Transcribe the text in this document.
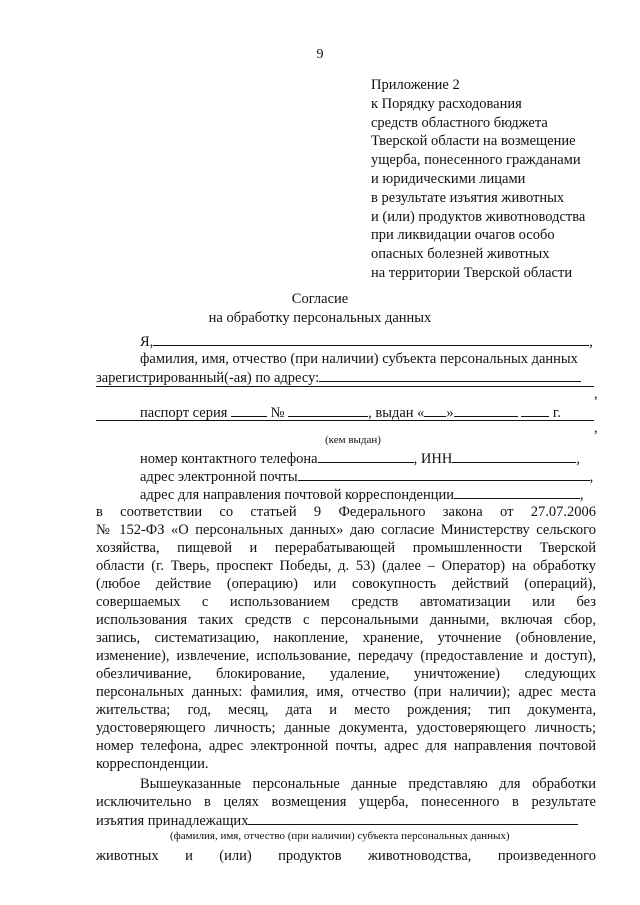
9
Приложение 2
к Порядку расходования
средств областного бюджета
Тверской области на возмещение
ущерба, понесенного гражданами
и юридическими лицами
в результате изъятия животных
и (или) продуктов животноводства
при ликвидации очагов особо
опасных болезней животных
на территории Тверской области
Согласие
на обработку персональных данных
Я,	,
фамилия, имя, отчество (при наличии) субъекта персональных данных
зарегистрированный(-ая) по адресу:
,
паспорт серия	№	, выдан « »	г.
,
(кем выдан)
номер контактного телефона	, ИНН	,
адрес электронной почты	,
адрес для направления почтовой корреспонденции	,
в соответствии со статьей 9 Федерального закона от 27.07.2006
№ 152-ФЗ «О персональных данных» даю согласие Министерству сельского
хозяйства, пищевой и перерабатывающей промышленности Тверской
области (г. Тверь, проспект Победы, д. 53) (далее – Оператор) на обработку
(любое действие (операцию) или совокупность действий (операций),
совершаемых с использованием средств автоматизации или без
использования таких средств с персональными данными, включая сбор,
запись, систематизацию, накопление, хранение, уточнение (обновление,
изменение), извлечение, использование, передачу (предоставление и доступ),
обезличивание, блокирование, удаление, уничтожение) следующих
персональных данных: фамилия, имя, отчество (при наличии); адрес места
жительства; год, месяц, дата и место рождения; тип документа,
удостоверяющего личность; данные документа, удостоверяющего личность;
номер телефона, адрес электронной почты, адрес для направления почтовой
корреспонденции.
Вышеуказанные персональные данные представляю для обработки
исключительно в целях возмещения ущерба, понесенного в результате
изъятия принадлежащих
(фамилия, имя, отчество (при наличии) субъекта персональных данных)
животных и (или) продуктов животноводства, произведенного
